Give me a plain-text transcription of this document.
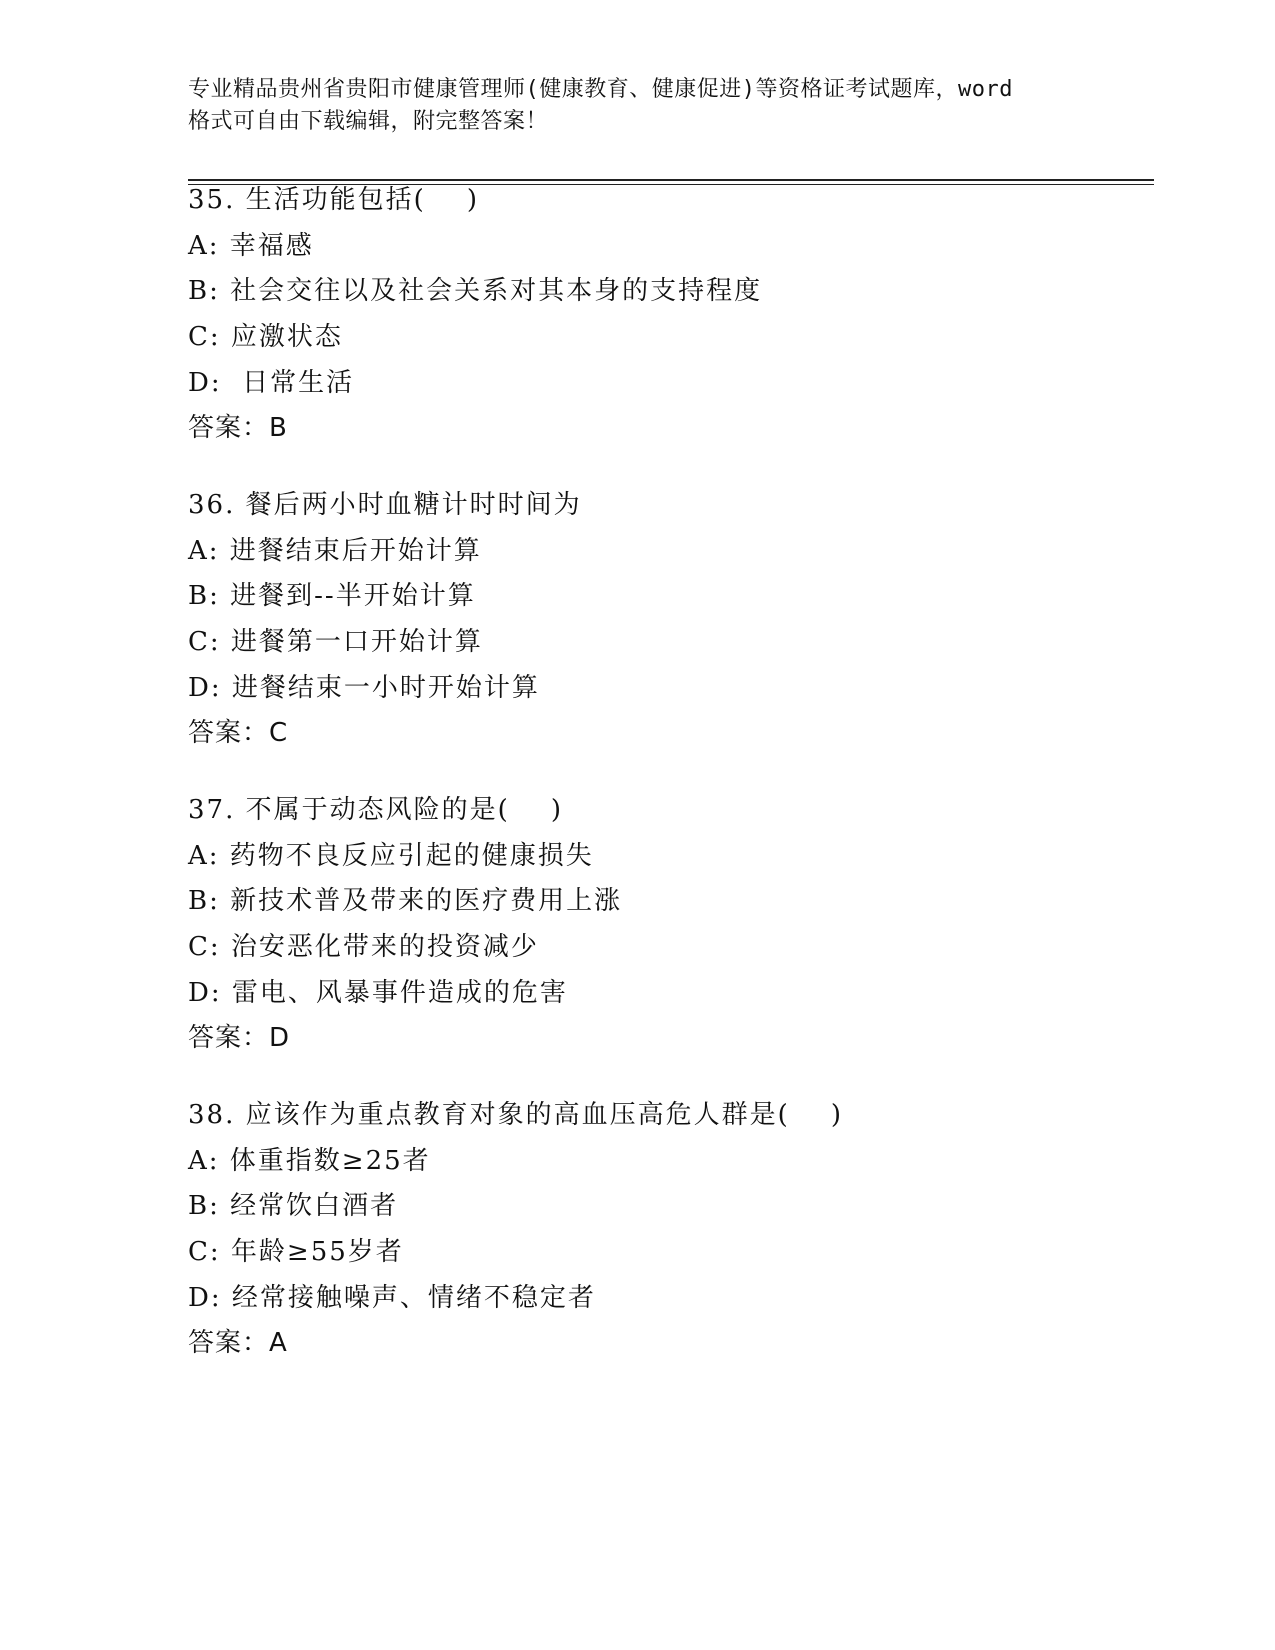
专业精品贵州省贵阳市健康管理师(健康教育、健康促进)等资格证考试题库，word

格式可自由下载编辑，附完整答案！

35. 生活功能包括(    )
A: 幸福感
B: 社会交往以及社会关系对其本身的支持程度
C: 应激状态
D:  日常生活
答案：B
36. 餐后两小时血糖计时时间为
A: 进餐结束后开始计算
B: 进餐到--半开始计算
C: 进餐第一口开始计算
D: 进餐结束一小时开始计算
答案：C
37. 不属于动态风险的是(    )
A: 药物不良反应引起的健康损失
B: 新技术普及带来的医疗费用上涨
C: 治安恶化带来的投资减少
D: 雷电、风暴事件造成的危害
答案：D
38. 应该作为重点教育对象的高血压高危人群是(    )
A: 体重指数≥25者
B: 经常饮白酒者
C: 年龄≥55岁者
D: 经常接触噪声、情绪不稳定者
答案：A
